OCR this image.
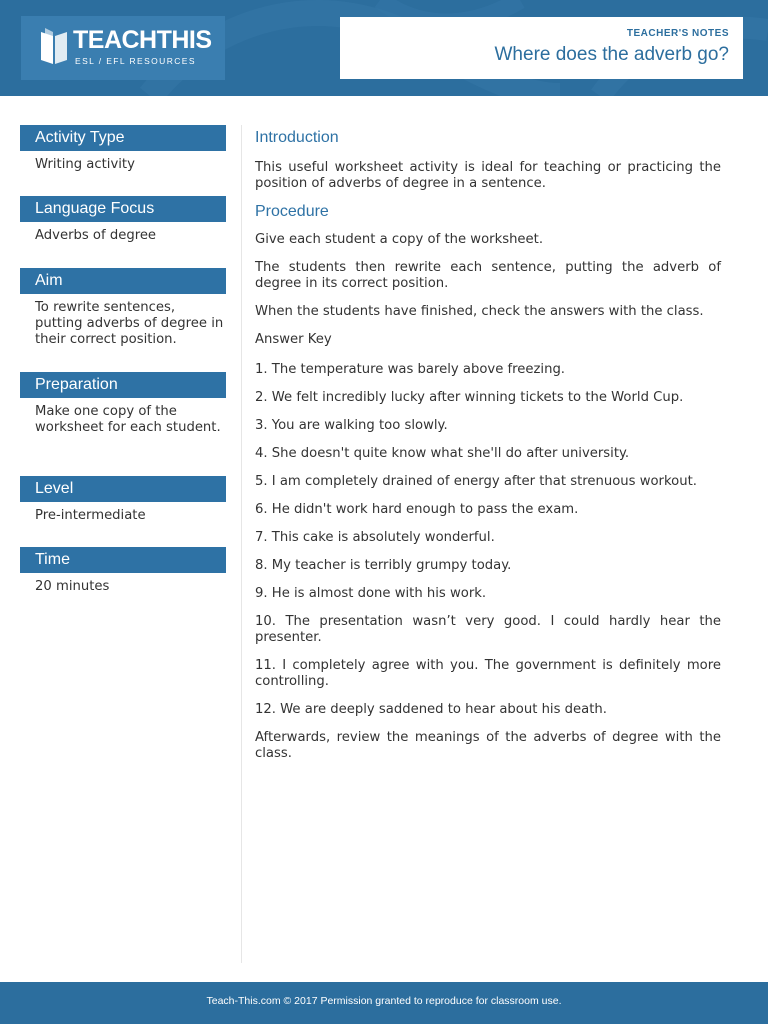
TEACHTHIS
ESL / EFL RESOURCES
TEACHER'S NOTES
Where does the adverb go?
Activity Type
Writing activity
Language Focus
Adverbs of degree
Aim
To rewrite sentences, putting adverbs of degree in their correct position.
Preparation
Make one copy of the worksheet for each student.
Level
Pre-intermediate
Time
20 minutes
Introduction
This useful worksheet activity is ideal for teaching or practicing the position of adverbs of degree in a sentence.
Procedure
Give each student a copy of the worksheet.
The students then rewrite each sentence, putting the adverb of degree in its correct position.
When the students have finished, check the answers with the class.
Answer Key
1. The temperature was barely above freezing.
2. We felt incredibly lucky after winning tickets to the World Cup.
3. You are walking too slowly.
4. She doesn't quite know what she'll do after university.
5. I am completely drained of energy after that strenuous workout.
6. He didn't work hard enough to pass the exam.
7. This cake is absolutely wonderful.
8. My teacher is terribly grumpy today.
9. He is almost done with his work.
10. The presentation wasn’t very good. I could hardly hear the presenter.
11. I completely agree with you. The government is definitely more controlling.
12. We are deeply saddened to hear about his death.
Afterwards, review the meanings of the adverbs of degree with the class.
Teach-This.com © 2017 Permission granted to reproduce for classroom use.
